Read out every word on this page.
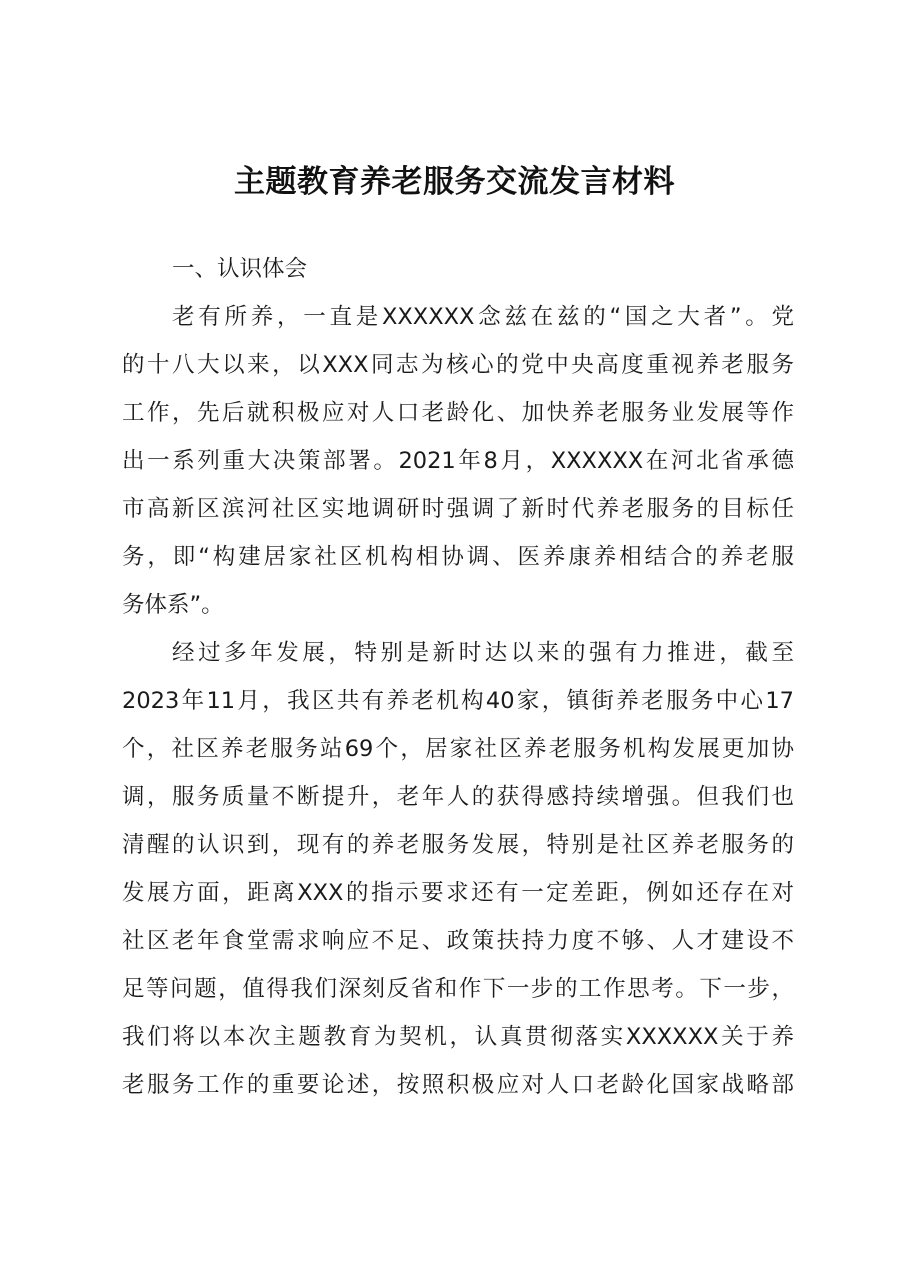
主题教育养老服务交流发言材料
一、认识体会
老有所养，一直是XXXXXX念兹在兹的“国之大者”。党
的十八大以来，以XXX同志为核心的党中央高度重视养老服务
工作，先后就积极应对人口老龄化、加快养老服务业发展等作
出一系列重大决策部署。2021年8月，XXXXXX在河北省承德
市高新区滨河社区实地调研时强调了新时代养老服务的目标任
务，即“构建居家社区机构相协调、医养康养相结合的养老服
务体系”。
经过多年发展，特别是新时达以来的强有力推进，截至
2023年11月，我区共有养老机构40家，镇街养老服务中心17
个，社区养老服务站69个，居家社区养老服务机构发展更加协
调，服务质量不断提升，老年人的获得感持续增强。但我们也
清醒的认识到，现有的养老服务发展，特别是社区养老服务的
发展方面，距离XXX的指示要求还有一定差距，例如还存在对
社区老年食堂需求响应不足、政策扶持力度不够、人才建设不
足等问题，值得我们深刻反省和作下一步的工作思考。下一步，
我们将以本次主题教育为契机，认真贯彻落实XXXXXX关于养
老服务工作的重要论述，按照积极应对人口老龄化国家战略部
